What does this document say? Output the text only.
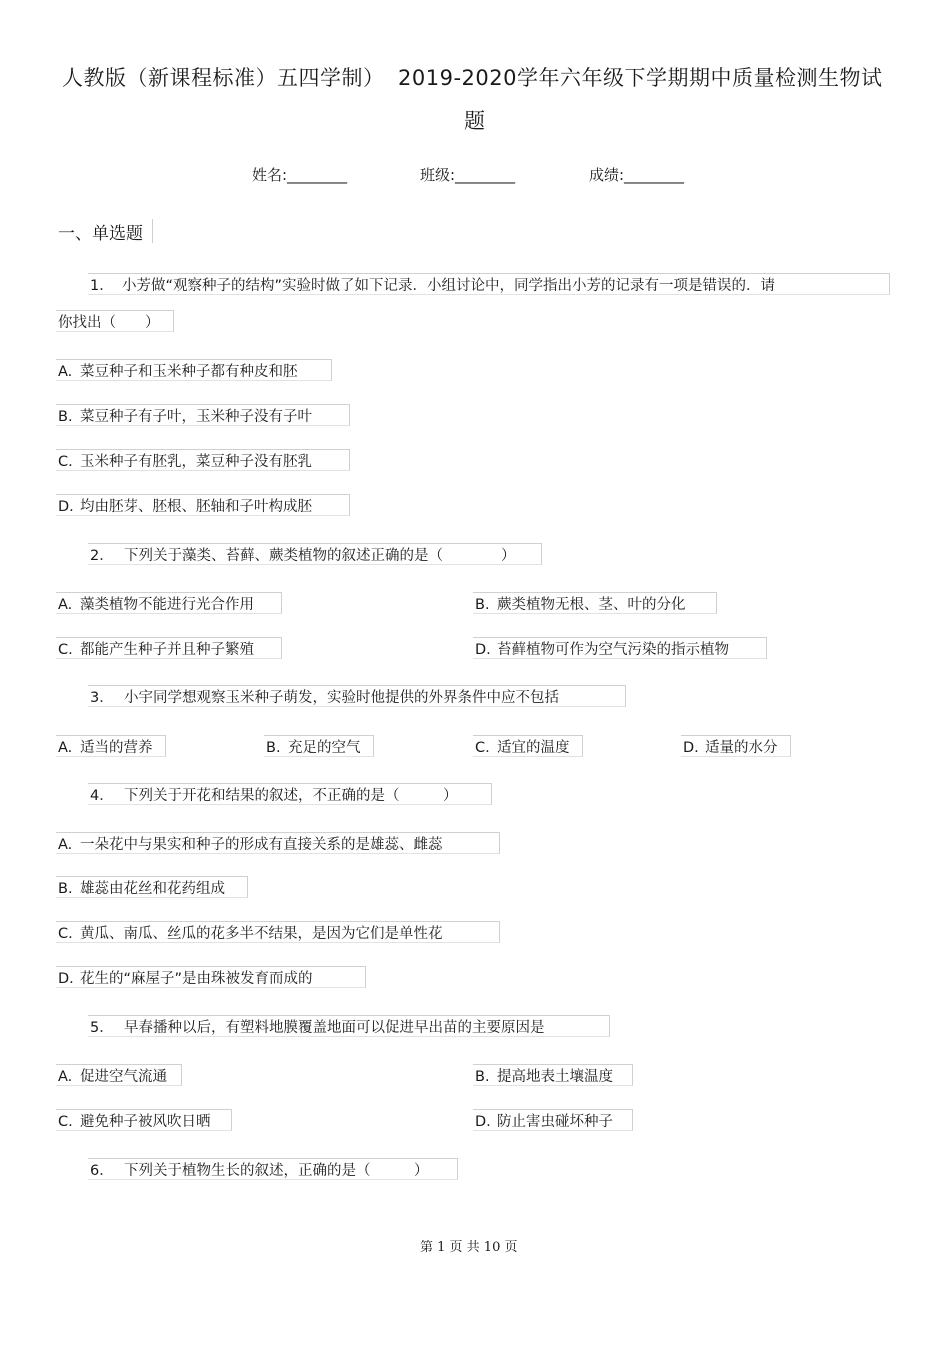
人教版（新课程标准）五四学制） 2019-2020学年六年级下学期期中质量检测生物试
题
姓名:________	班级:________	成绩:________
一、单选题
1． 小芳做“观察种子的结构”实验时做了如下记录．小组讨论中，同学指出小芳的记录有一项是错误的．请
你找出（　　）
A. 菜豆种子和玉米种子都有种皮和胚
B. 菜豆种子有子叶，玉米种子没有子叶
C. 玉米种子有胚乳，菜豆种子没有胚乳
D. 均由胚芽、胚根、胚轴和子叶构成胚
2． 下列关于藻类、苔藓、蕨类植物的叙述正确的是（　　　　）
A. 藻类植物不能进行光合作用	B. 蕨类植物无根、茎、叶的分化
C. 都能产生种子并且种子繁殖	D. 苔藓植物可作为空气污染的指示植物
3． 小宇同学想观察玉米种子萌发，实验时他提供的外界条件中应不包括
A. 适当的营养	B. 充足的空气	C. 适宜的温度	D. 适量的水分
4． 下列关于开花和结果的叙述，不正确的是（　　　）
A. 一朵花中与果实和种子的形成有直接关系的是雄蕊、雌蕊
B. 雄蕊由花丝和花药组成
C. 黄瓜、南瓜、丝瓜的花多半不结果，是因为它们是单性花
D. 花生的“麻屋子”是由珠被发育而成的
5． 早春播种以后，有塑料地膜覆盖地面可以促进早出苗的主要原因是
A. 促进空气流通	B. 提高地表土壤温度
C. 避免种子被风吹日晒	D. 防止害虫碰坏种子
6． 下列关于植物生长的叙述，正确的是（　　　）
第 1 页 共 10 页
